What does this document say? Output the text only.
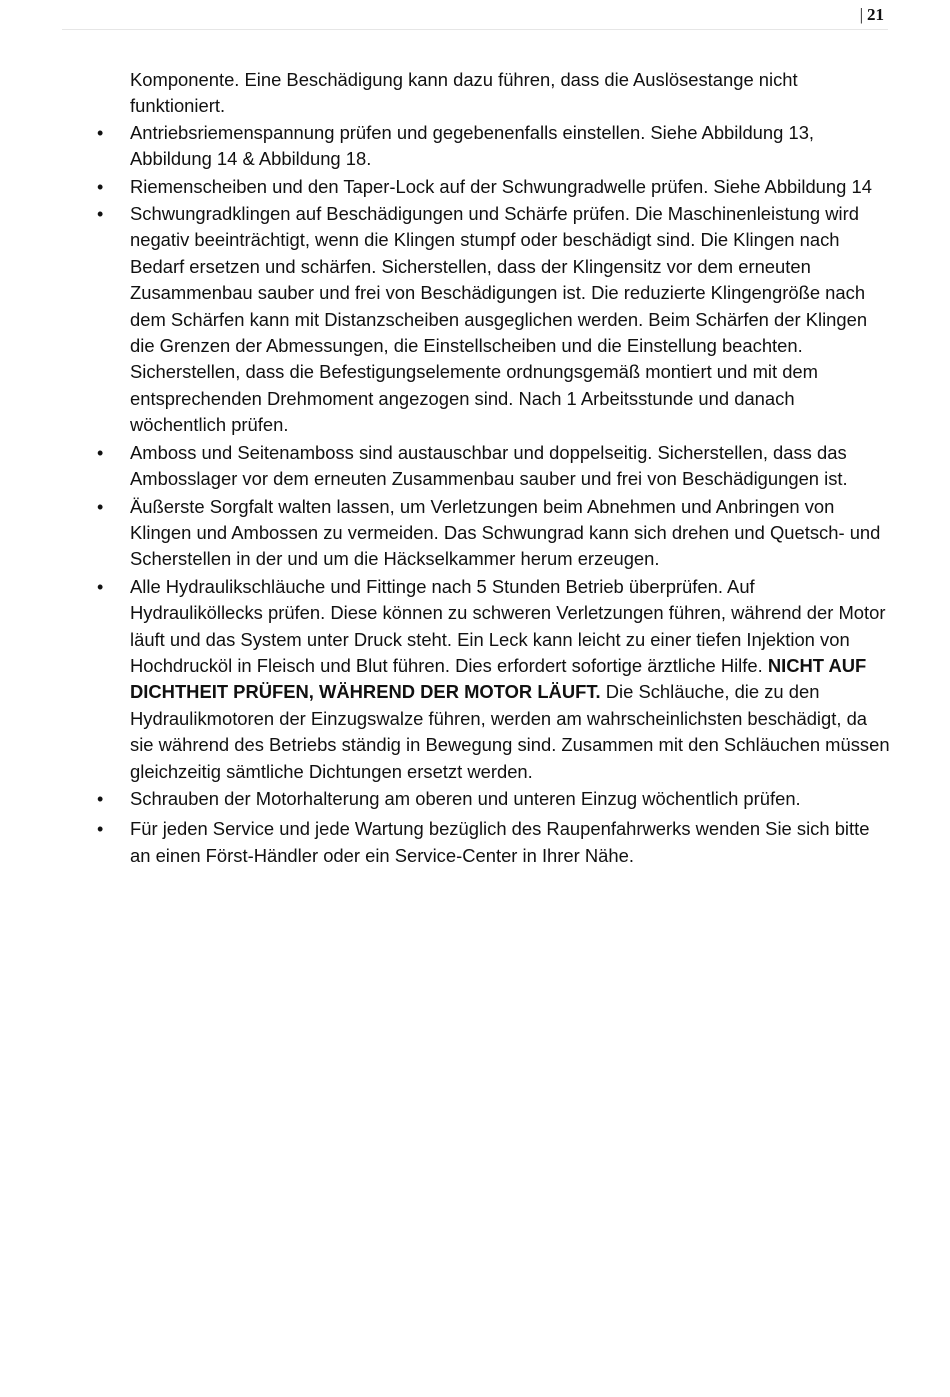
| 21
Komponente. Eine Beschädigung kann dazu führen, dass die Auslösestange nicht funktioniert.
• Antriebsriemenspannung prüfen und gegebenenfalls einstellen. Siehe Abbildung 13, Abbildung 14 & Abbildung 18.
• Riemenscheiben und den Taper-Lock auf der Schwungradwelle prüfen. Siehe Abbildung 14
• Schwungradklingen auf Beschädigungen und Schärfe prüfen. Die Maschinenleistung wird negativ beeinträchtigt, wenn die Klingen stumpf oder beschädigt sind. Die Klingen nach Bedarf ersetzen und schärfen. Sicherstellen, dass der Klingensitz vor dem erneuten Zusammenbau sauber und frei von Beschädigungen ist. Die reduzierte Klingengröße nach dem Schärfen kann mit Distanzscheiben ausgeglichen werden. Beim Schärfen der Klingen die Grenzen der Abmessungen, die Einstellscheiben und die Einstellung beachten. Sicherstellen, dass die Befestigungselemente ordnungsgemäß montiert und mit dem entsprechenden Drehmoment angezogen sind. Nach 1 Arbeitsstunde und danach wöchentlich prüfen.
• Amboss und Seitenamboss sind austauschbar und doppelseitig. Sicherstellen, dass das Ambosslager vor dem erneuten Zusammenbau sauber und frei von Beschädigungen ist.
• Äußerste Sorgfalt walten lassen, um Verletzungen beim Abnehmen und Anbringen von Klingen und Ambossen zu vermeiden. Das Schwungrad kann sich drehen und Quetsch- und Scherstellen in der und um die Häckselkammer herum erzeugen.
• Alle Hydraulikschläuche und Fittinge nach 5 Stunden Betrieb überprüfen. Auf Hydrauliköllecks prüfen. Diese können zu schweren Verletzungen führen, während der Motor läuft und das System unter Druck steht. Ein Leck kann leicht zu einer tiefen Injektion von Hochdrucköl in Fleisch und Blut führen. Dies erfordert sofortige ärztliche Hilfe. NICHT AUF DICHTHEIT PRÜFEN, WÄHREND DER MOTOR LÄUFT. Die Schläuche, die zu den Hydraulikmotoren der Einzugswalze führen, werden am wahrscheinlichsten beschädigt, da sie während des Betriebs ständig in Bewegung sind. Zusammen mit den Schläuchen müssen gleichzeitig sämtliche Dichtungen ersetzt werden.
• Schrauben der Motorhalterung am oberen und unteren Einzug wöchentlich prüfen.
• Für jeden Service und jede Wartung bezüglich des Raupenfahrwerks wenden Sie sich bitte an einen Först-Händler oder ein Service-Center in Ihrer Nähe.
